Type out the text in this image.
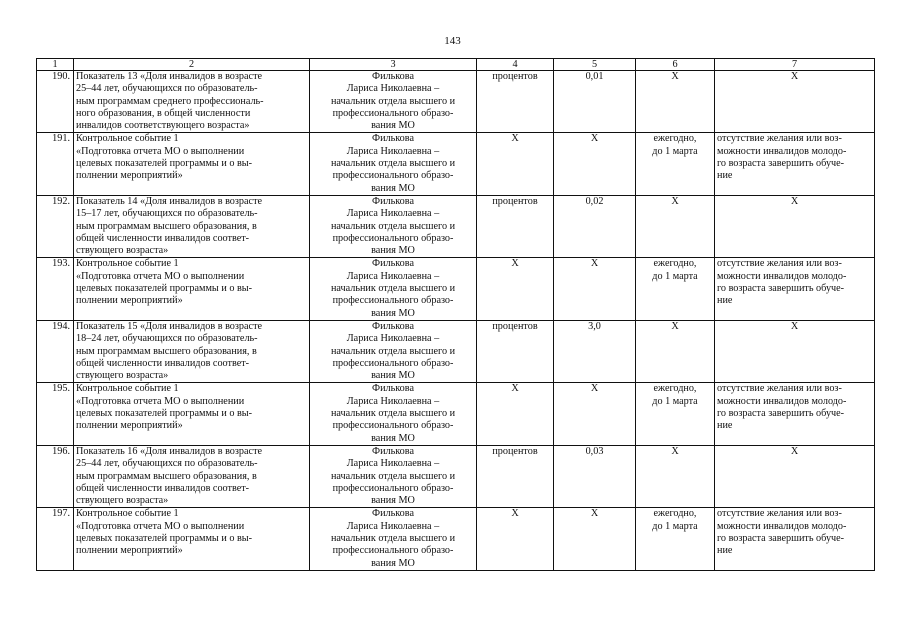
143
1	2	3	4	5	6	7
190.	Показатель 13 «Доля инвалидов в возрасте
25–44 лет, обучающихся по образователь-
ным программам среднего профессиональ-
ного образования, в общей численности
инвалидов соответствующего возраста»	Филькова
Лариса Николаевна –
начальник отдела высшего и
профессионального образо-
вания МО	процентов	0,01	Х	Х
191.	Контрольное событие 1
«Подготовка отчета МО о выполнении
целевых показателей программы и о вы-
полнении мероприятий»	Филькова
Лариса Николаевна –
начальник отдела высшего и
профессионального образо-
вания МО	Х	Х	ежегодно,
до 1 марта	отсутствие желания или воз-
можности инвалидов молодо-
го возраста завершить обуче-
ние
192.	Показатель 14 «Доля инвалидов в возрасте
15–17 лет, обучающихся по образователь-
ным программам высшего образования, в
общей численности инвалидов соответ-
ствующего возраста»	Филькова
Лариса Николаевна –
начальник отдела высшего и
профессионального образо-
вания МО	процентов	0,02	Х	Х
193.	Контрольное событие 1
«Подготовка отчета МО о выполнении
целевых показателей программы и о вы-
полнении мероприятий»	Филькова
Лариса Николаевна –
начальник отдела высшего и
профессионального образо-
вания МО	Х	Х	ежегодно,
до 1 марта	отсутствие желания или воз-
можности инвалидов молодо-
го возраста завершить обуче-
ние
194.	Показатель 15 «Доля инвалидов в возрасте
18–24 лет, обучающихся по образователь-
ным программам высшего образования, в
общей численности инвалидов соответ-
ствующего возраста»	Филькова
Лариса Николаевна –
начальник отдела высшего и
профессионального образо-
вания МО	процентов	3,0	Х	Х
195.	Контрольное событие 1
«Подготовка отчета МО о выполнении
целевых показателей программы и о вы-
полнении мероприятий»	Филькова
Лариса Николаевна –
начальник отдела высшего и
профессионального образо-
вания МО	Х	Х	ежегодно,
до 1 марта	отсутствие желания или воз-
можности инвалидов молодо-
го возраста завершить обуче-
ние
196.	Показатель 16 «Доля инвалидов в возрасте
25–44 лет, обучающихся по образователь-
ным программам высшего образования, в
общей численности инвалидов соответ-
ствующего возраста»	Филькова
Лариса Николаевна –
начальник отдела высшего и
профессионального образо-
вания МО	процентов	0,03	Х	Х
197.	Контрольное событие 1
«Подготовка отчета МО о выполнении
целевых показателей программы и о вы-
полнении мероприятий»	Филькова
Лариса Николаевна –
начальник отдела высшего и
профессионального образо-
вания МО	Х	Х	ежегодно,
до 1 марта	отсутствие желания или воз-
можности инвалидов молодо-
го возраста завершить обуче-
ние
